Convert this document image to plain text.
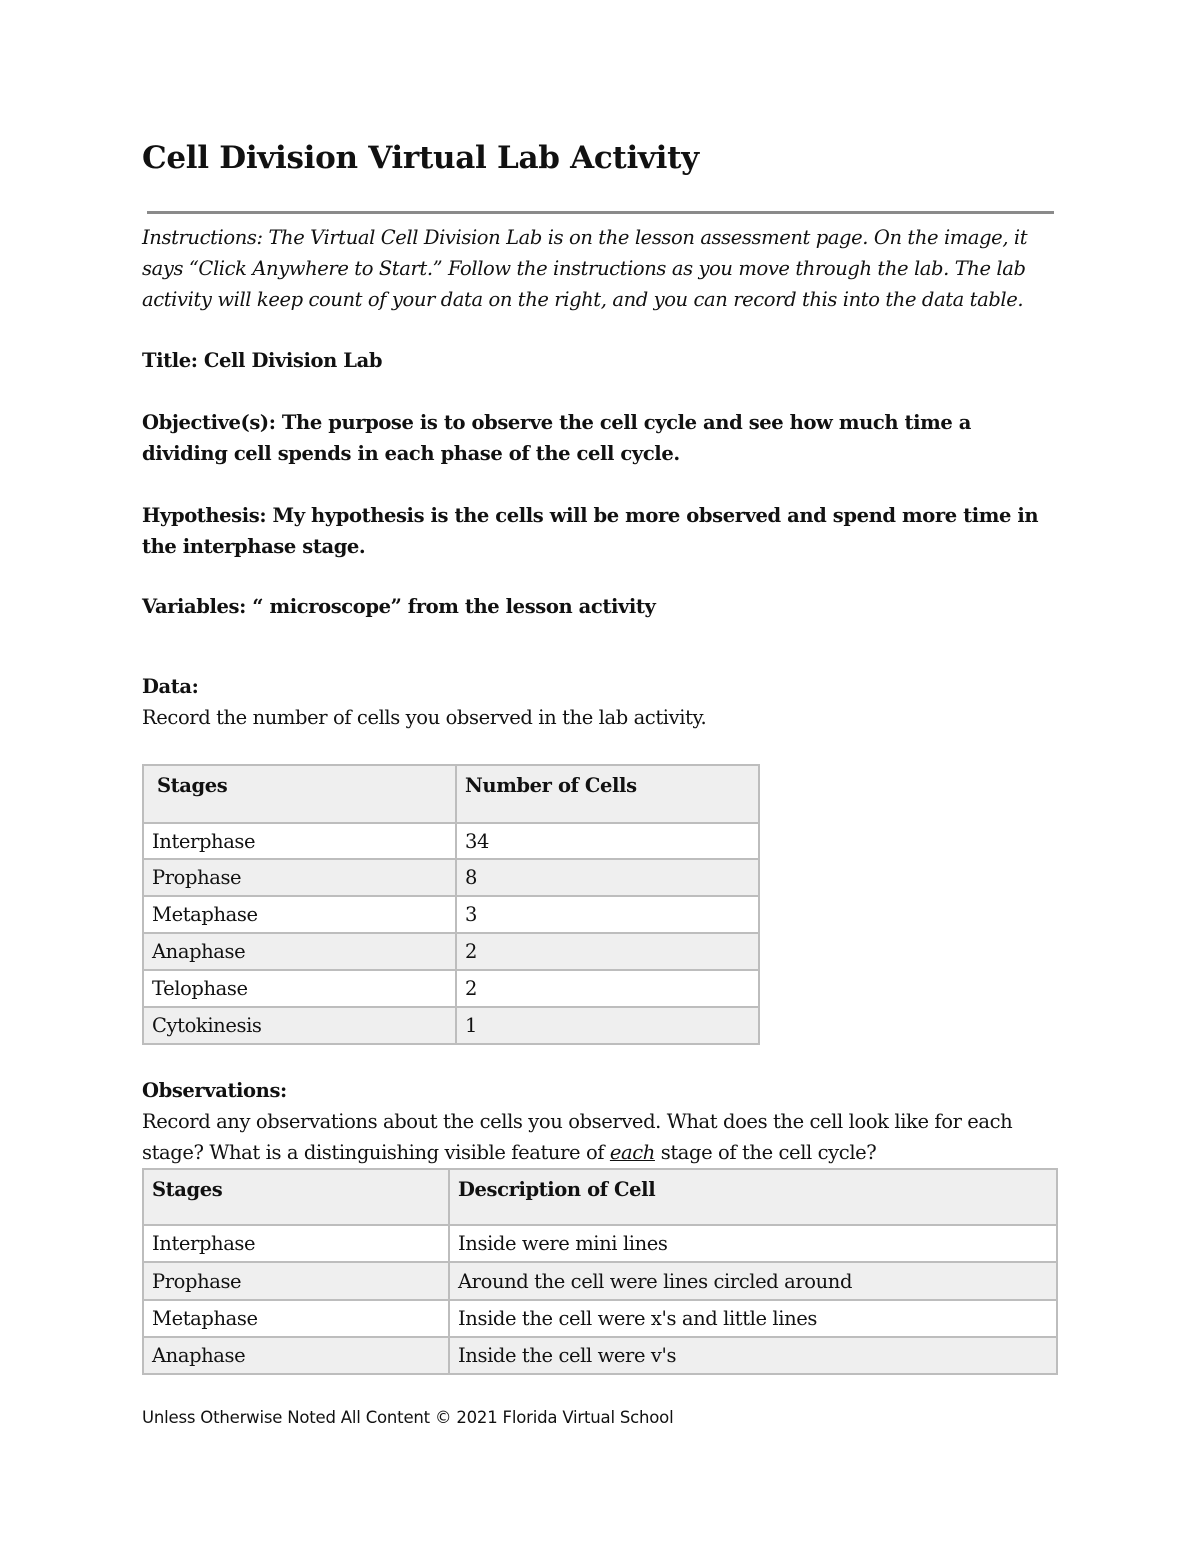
Cell Division Virtual Lab Activity
Instructions: The Virtual Cell Division Lab is on the lesson assessment page. On the image, it says “Click Anywhere to Start.” Follow the instructions as you move through the lab. The lab activity will keep count of your data on the right, and you can record this into the data table.
Title: Cell Division Lab
Objective(s): The purpose is to observe the cell cycle and see how much time a dividing cell spends in each phase of the cell cycle.
Hypothesis: My hypothesis is the cells will be more observed and spend more time in the interphase stage.
Variables: “ microscope” from the lesson activity
Data:
Record the number of cells you observed in the lab activity.
Stages	Number of Cells
Interphase	34
Prophase	8
Metaphase	3
Anaphase	2
Telophase	2
Cytokinesis	1
Observations:
Record any observations about the cells you observed. What does the cell look like for each stage? What is a distinguishing visible feature of each stage of the cell cycle?
Stages	Description of Cell
Interphase	Inside were mini lines
Prophase	Around the cell were lines circled around
Metaphase	Inside the cell were x's and little lines
Anaphase	Inside the cell were v's
Unless Otherwise Noted All Content © 2021 Florida Virtual School
